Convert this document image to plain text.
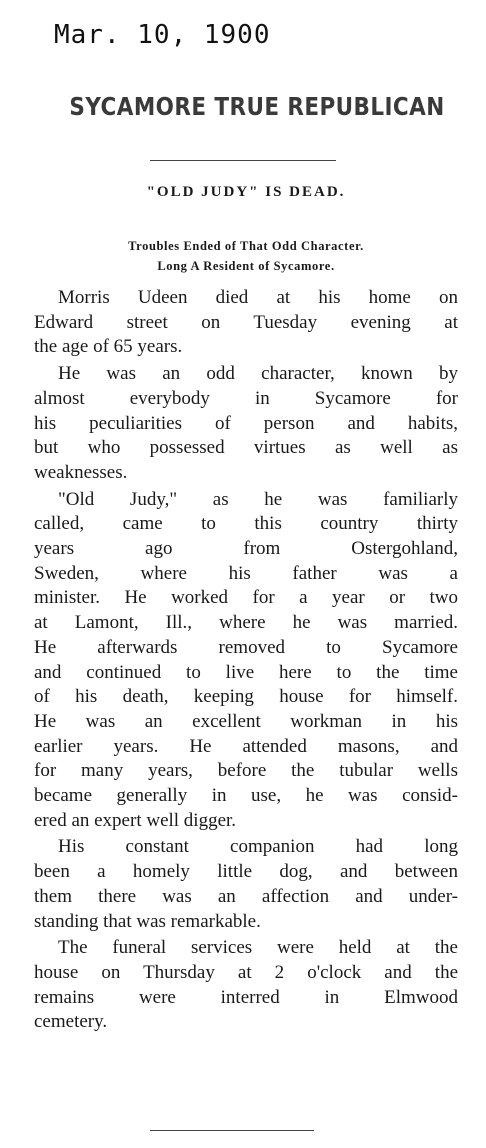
Mar. 10, 1900
SYCAMORE TRUE REPUBLICAN
"OLD JUDY" IS DEAD.
Troubles Ended of That Odd Character.
Long A Resident of Sycamore.
Morris Udeen died at his home on
Edward street on Tuesday evening at
the age of 65 years.
He was an odd character, known by
almost everybody in Sycamore for
his peculiarities of person and habits,
but who possessed virtues as well as
weaknesses.
"Old Judy," as he was familiarly
called, came to this country thirty
years ago from Ostergohland,
Sweden, where his father was a
minister. He worked for a year or two
at Lamont, Ill., where he was married.
He afterwards removed to Sycamore
and continued to live here to the time
of his death, keeping house for himself.
He was an excellent workman in his
earlier years. He attended masons, and
for many years, before the tubular wells
became generally in use, he was consid-
ered an expert well digger.
His constant companion had long
been a homely little dog, and between
them there was an affection and under-
standing that was remarkable.
The funeral services were held at the
house on Thursday at 2 o'clock and the
remains were interred in Elmwood
cemetery.
